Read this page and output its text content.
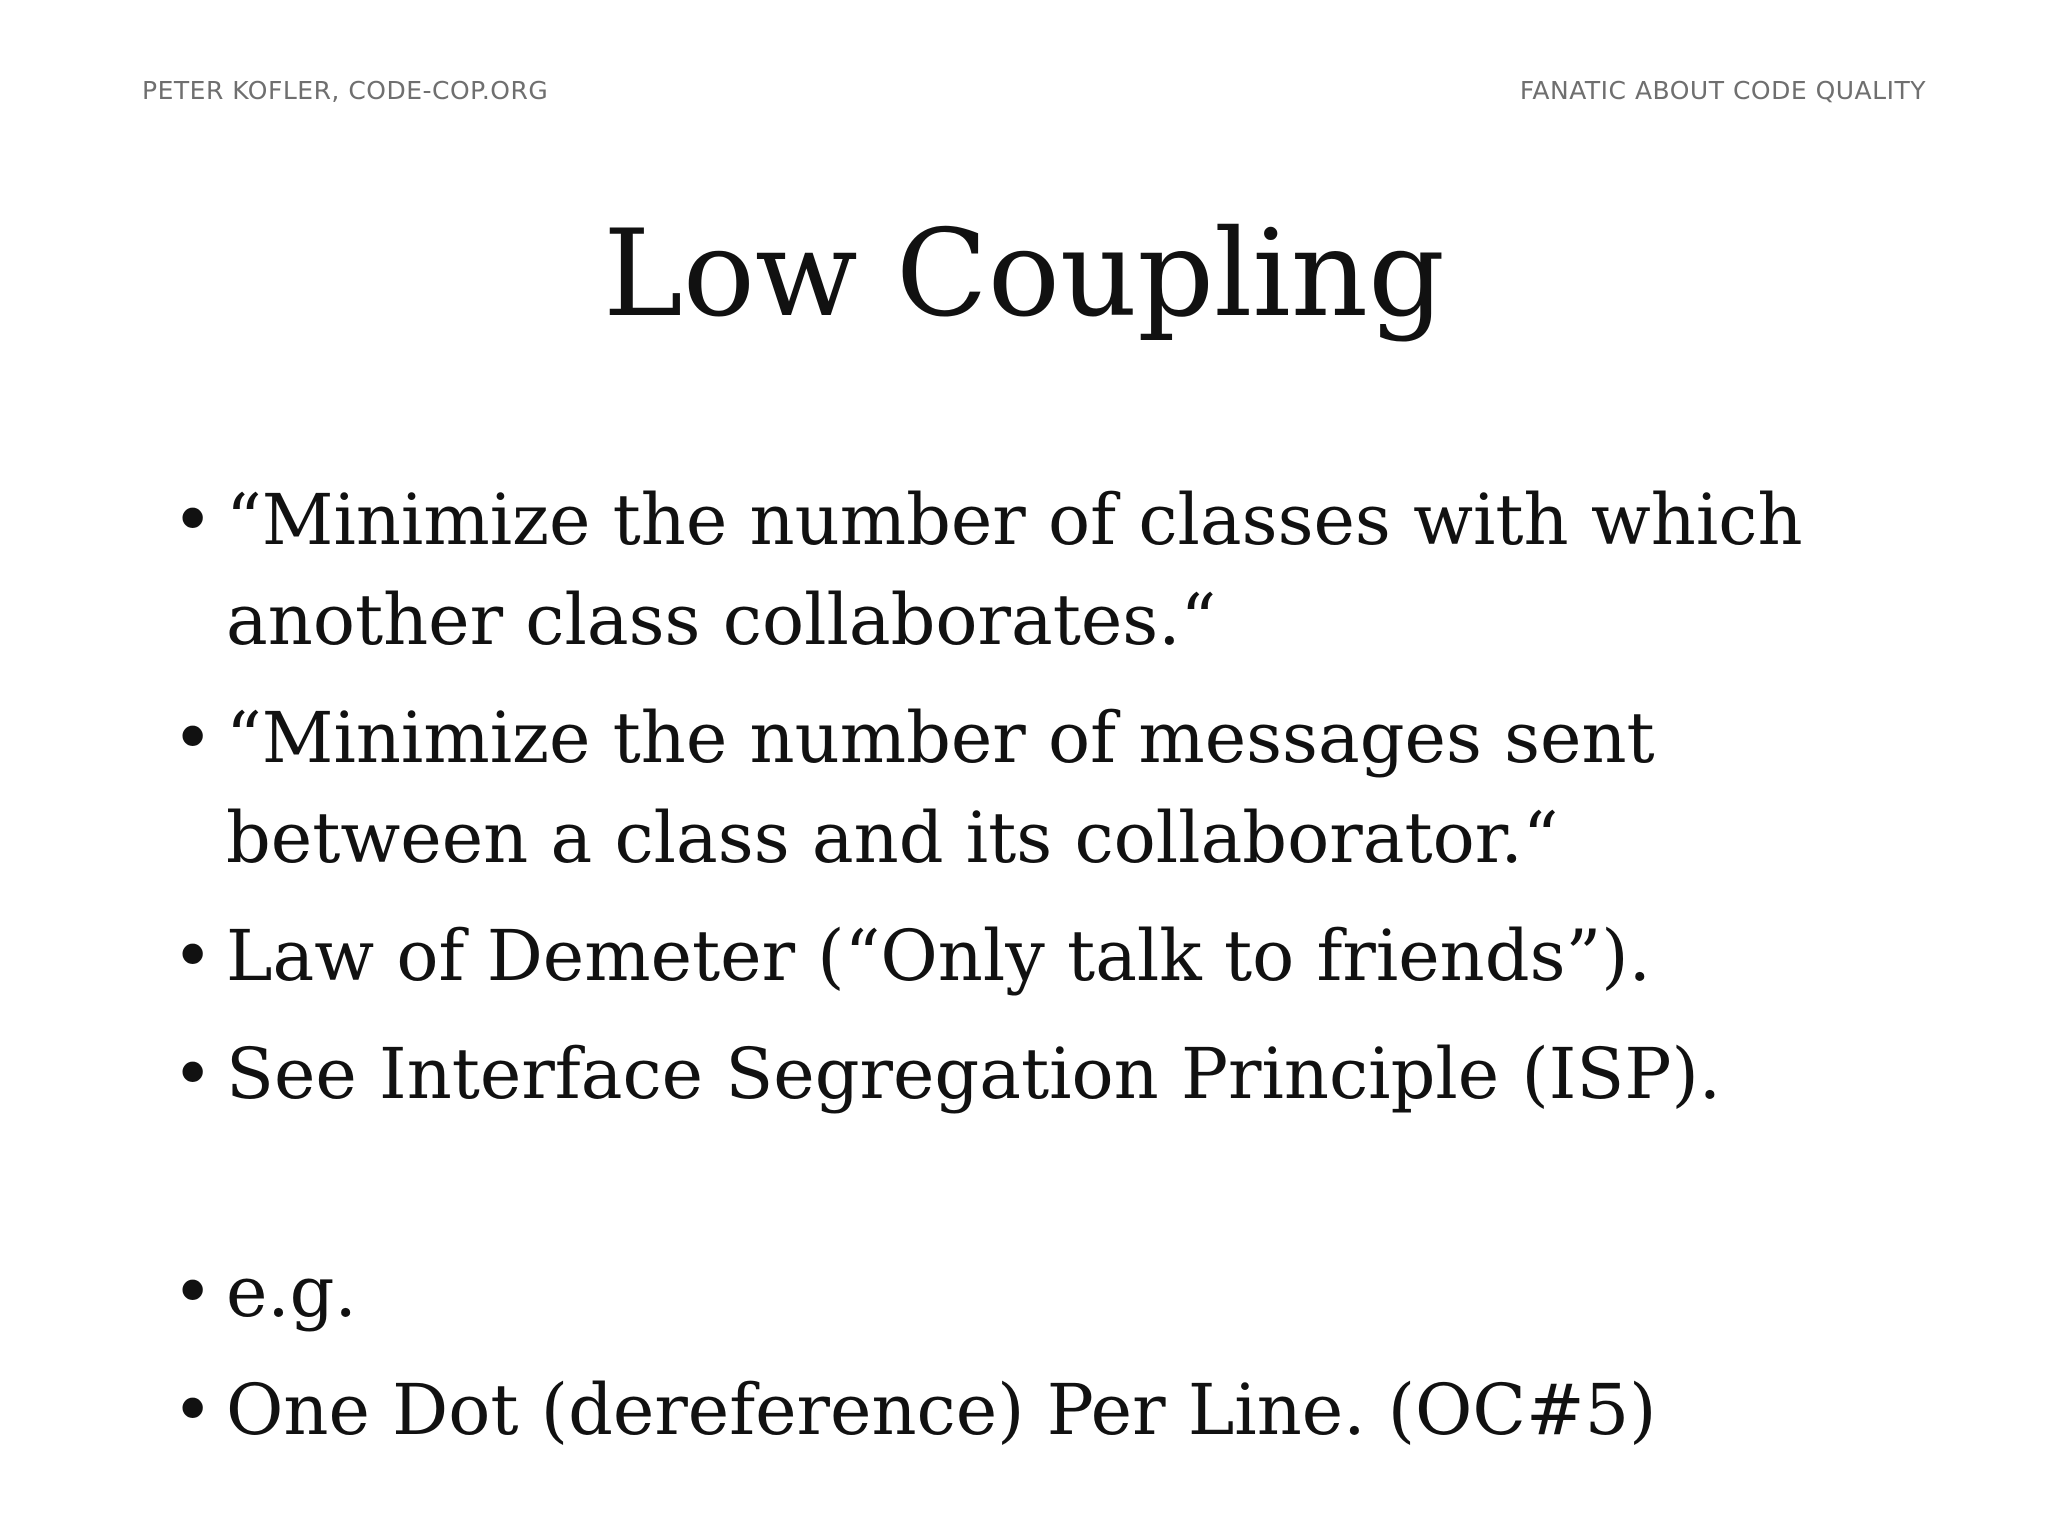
PETER KOFLER, CODE-COP.ORG	FANATIC ABOUT CODE QUALITY
Low Coupling
• “Minimize the number of classes with which another class collaborates.“
• “Minimize the number of messages sent between a class and its collaborator.“
• Law of Demeter (“Only talk to friends”).
• See Interface Segregation Principle (ISP).
• e.g.
• One Dot (dereference) Per Line. (OC#5)
